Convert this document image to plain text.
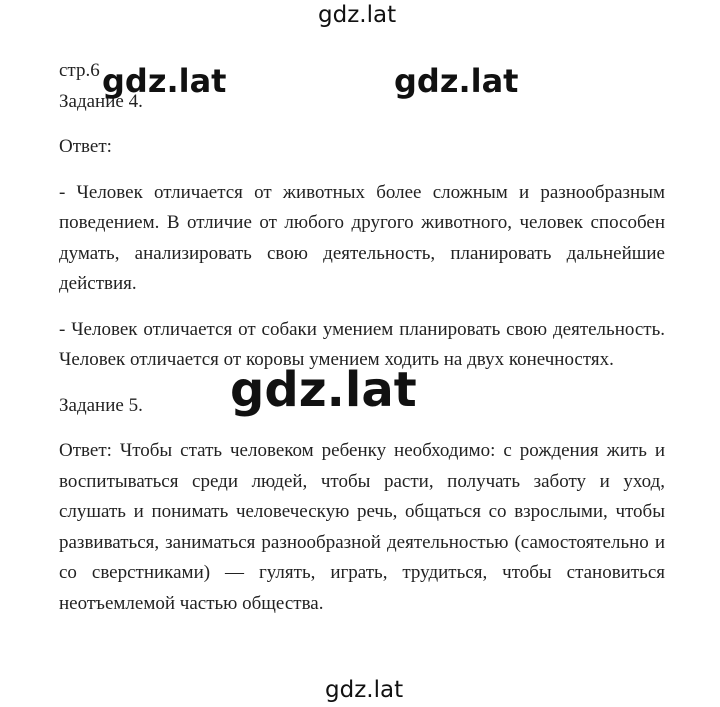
gdz.lat

стр.6

Задание 4.

Ответ:

- Человек отличается от животных более сложным и разнообразным поведением. В отличие от любого другого животного, человек способен думать, анализировать свою деятельность, планировать дальнейшие действия.

- Человек отличается от собаки умением планировать свою деятельность. Человек отличается от коровы умением ходить на двух конечностях.

Задание 5.

Ответ: Чтобы стать человеком ребенку необходимо: с рождения жить и воспитываться среди людей, чтобы расти, получать заботу и уход, слушать и понимать человеческую речь, общаться со взрослыми, чтобы развиваться, заниматься разнообразной деятельностью (самостоятельно и со сверстниками) — гулять, играть, трудиться, чтобы становиться неотъемлемой частью общества.

gdz.lat	gdz.lat
gdz.lat
gdz.lat
